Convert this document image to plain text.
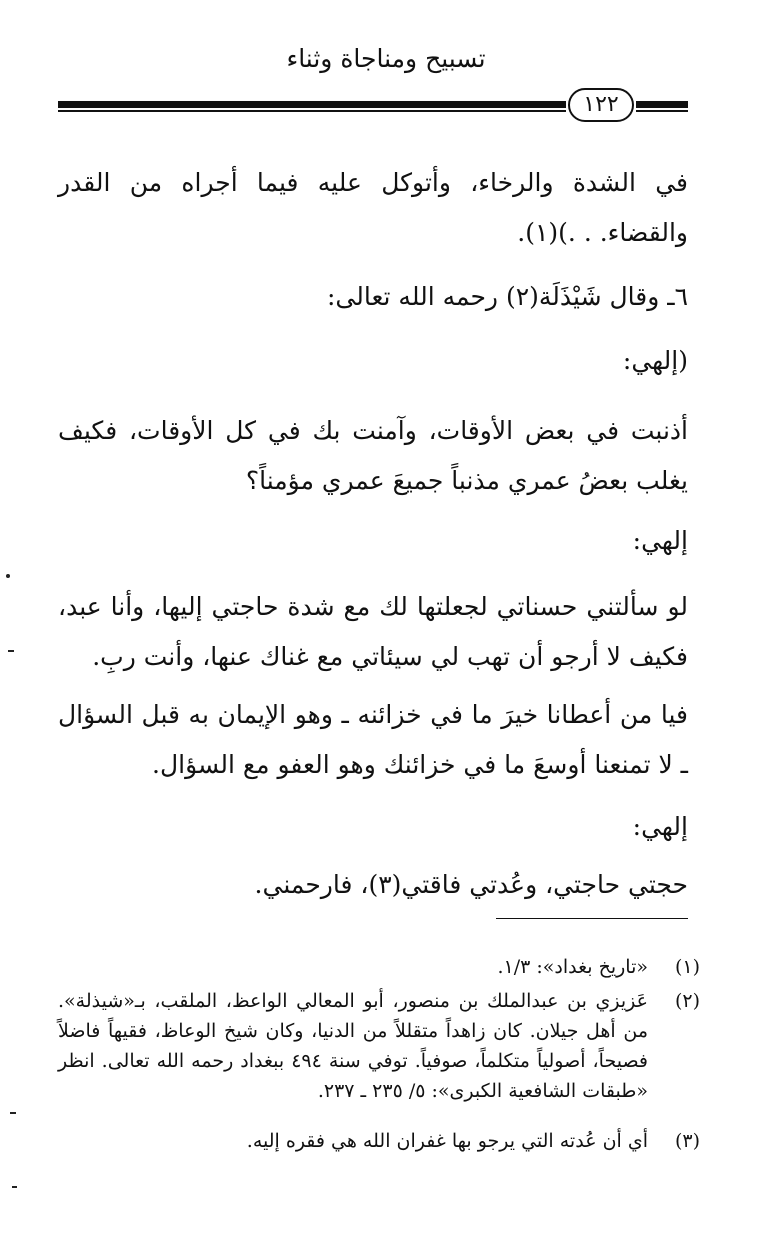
تسبيح ومناجاة وثناء
١٢٢
في الشدة والرخاء، وأتوكل عليه فيما أجراه من القدر والقضاء. . .)(١).
٦ـ وقال شَيْذَلَة(٢) رحمه الله تعالى:
(إلهي:
أذنبت في بعض الأوقات، وآمنت بك في كل الأوقات، فكيف يغلب بعضُ عمري مذنباً جميعَ عمري مؤمناً؟
إلهي:
لو سألتني حسناتي لجعلتها لك مع شدة حاجتي إليها، وأنا عبد، فكيف لا أرجو أن تهب لي سيئاتي مع غناك عنها، وأنت ربِ.
فيا من أعطانا خيرَ ما في خزائنه ـ وهو الإيمان به قبل السؤال ـ لا تمنعنا أوسعَ ما في خزائنك وهو العفو مع السؤال.
إلهي:
حجتي حاجتي، وعُدتي فاقتي(٣)، فارحمني.
(١)
«تاريخ بغداد»: ١/٣.
(٢)
عَزيزي بن عبدالملك بن منصور، أبو المعالي الواعظ، الملقب، بـ«شيذلة». من أهل جيلان. كان زاهداً متقللاً من الدنيا، وكان شيخ الوعاظ، فقيهاً فاضلاً فصيحاً، أصولياً متكلماً، صوفياً. توفي سنة ٤٩٤ ببغداد رحمه الله تعالى. انظر «طبقات الشافعية الكبرى»: ٥/ ٢٣٥ ـ ٢٣٧.
(٣)
أي أن عُدته التي يرجو بها غفران الله هي فقره إليه.
